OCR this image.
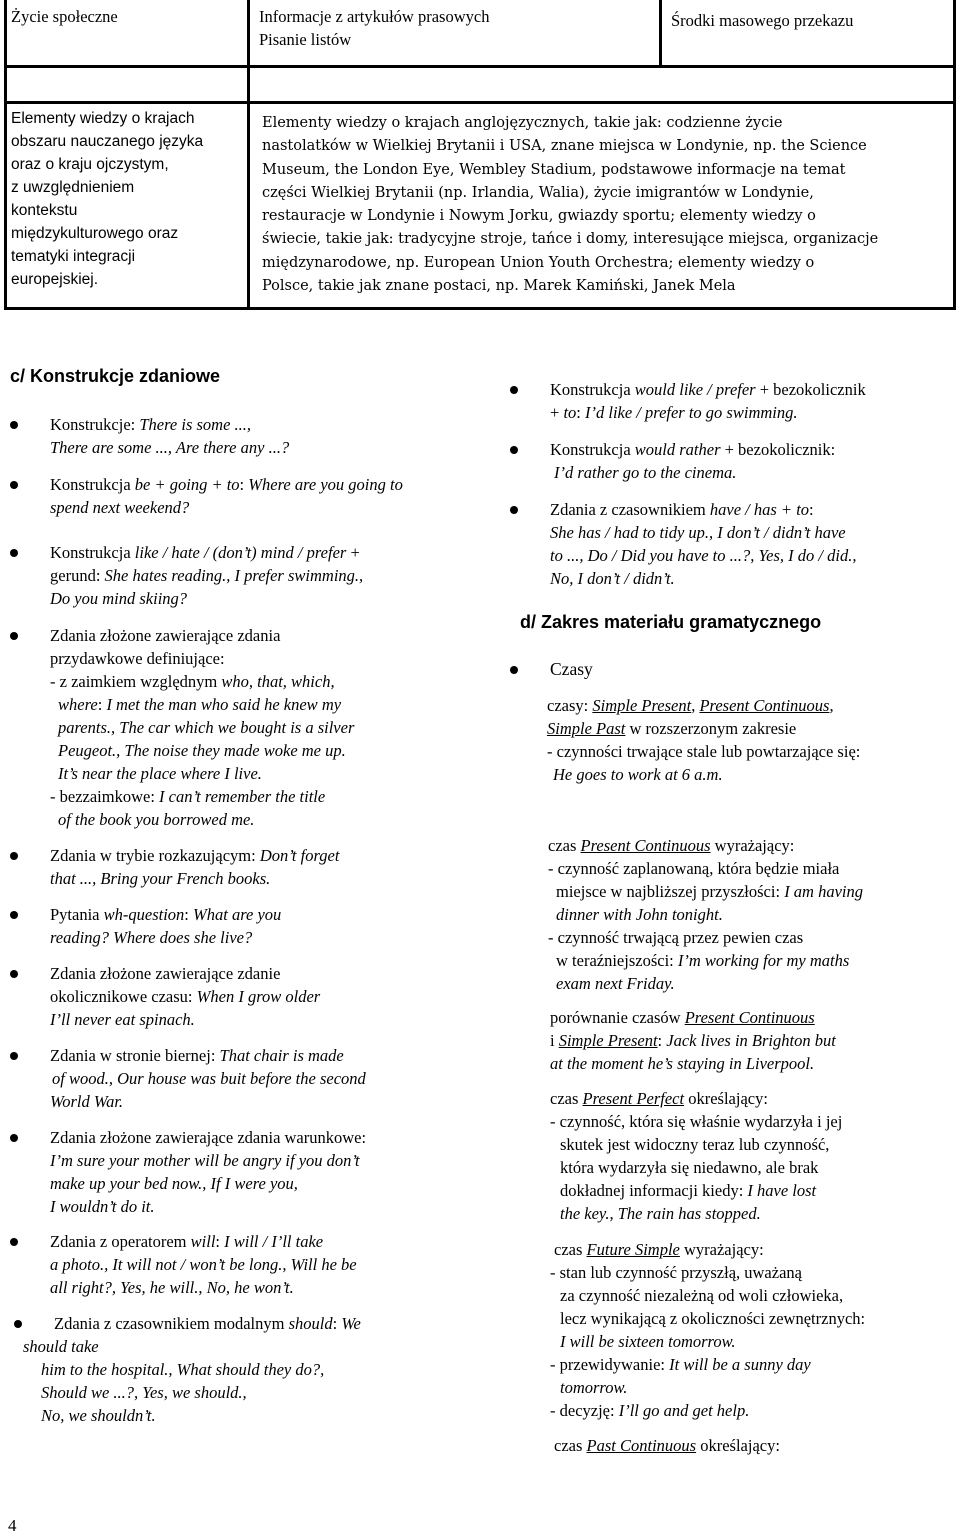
Życie społeczne	Informacje z artykułów prasowych
Pisanie listów
Środki masowego przekazu
Elementy wiedzy o krajach
obszaru nauczanego języka
oraz o kraju ojczystym,
z uwzględnieniem
kontekstu
międzykulturowego oraz
tematyki integracji
europejskiej.
Elementy wiedzy o krajach anglojęzycznych, takie jak: codzienne życie
nastolatków w Wielkiej Brytanii i USA, znane miejsca w Londynie, np. the Science
Museum, the London Eye, Wembley Stadium, podstawowe informacje na temat
części Wielkiej Brytanii (np. Irlandia, Walia), życie imigrantów w Londynie,
restauracje w Londynie i Nowym Jorku, gwiazdy sportu; elementy wiedzy o
świecie, takie jak: tradycyjne stroje, tańce i domy, interesujące miejsca, organizacje
międzynarodowe, np. European Union Youth Orchestra; elementy wiedzy o
Polsce, takie jak znane postaci, np. Marek Kamiński, Janek Mela
c/ Konstrukcje zdaniowe
Konstrukcje: There is some ...,
There are some ..., Are there any ...?
Konstrukcja be + going + to: Where are you going to
spend next weekend?
Konstrukcja like / hate / (don’t) mind / prefer +
gerund: She hates reading., I prefer swimming.,
Do you mind skiing?
Zdania złożone zawierające zdania
przydawkowe definiujące:
- z zaimkiem względnym who, that, which,
where: I met the man who said he knew my
parents., The car which we bought is a silver
Peugeot., The noise they made woke me up.
It’s near the place where I live.
- bezzaimkowe: I can’t remember the title
of the book you borrowed me.
Zdania w trybie rozkazującym: Don’t forget
that ..., Bring your French books.
Pytania wh-question: What are you
reading? Where does she live?
Zdania złożone zawierające zdanie
okolicznikowe czasu: When I grow older
I’ll never eat spinach.
Zdania w stronie biernej: That chair is made
of wood., Our house was buit before the second
World War.
Zdania złożone zawierające zdania warunkowe:
I’m sure your mother will be angry if you don’t
make up your bed now., If I were you,
I wouldn’t do it.
Zdania z operatorem will: I will / I’ll take
a photo., It will not / won’t be long., Will he be
all right?, Yes, he will., No, he won’t.
Zdania z czasownikiem modalnym should: We
should take
him to the hospital., What should they do?,
Should we ...?, Yes, we should.,
No, we shouldn’t.
Konstrukcja would like / prefer + bezokolicznik
+ to: I’d like / prefer to go swimming.
Konstrukcja would rather + bezokolicznik:
I’d rather go to the cinema.
Zdania z czasownikiem have / has + to:
She has / had to tidy up., I don’t / didn’t have
to ..., Do / Did you have to ...?, Yes, I do / did.,
No, I don’t / didn’t.
d/ Zakres materiału gramatycznego
Czasy
czasy: Simple Present, Present Continuous,
Simple Past w rozszerzonym zakresie
- czynności trwające stale lub powtarzające się:
He goes to work at 6 a.m.
czas Present Continuous wyrażający:
- czynność zaplanowaną, która będzie miała
miejsce w najbliższej przyszłości: I am having
dinner with John tonight.
- czynność trwającą przez pewien czas
w teraźniejszości: I’m working for my maths
exam next Friday.
porównanie czasów Present Continuous
i Simple Present: Jack lives in Brighton but
at the moment he’s staying in Liverpool.
czas Present Perfect określający:
- czynność, która się właśnie wydarzyła i jej
skutek jest widoczny teraz lub czynność,
która wydarzyła się niedawno, ale brak
dokładnej informacji kiedy: I have lost
the key., The rain has stopped.
czas Future Simple wyrażający:
- stan lub czynność przyszłą, uważaną
za czynność niezależną od woli człowieka,
lecz wynikającą z okoliczności zewnętrznych:
I will be sixteen tomorrow.
- przewidywanie: It will be a sunny day
tomorrow.
- decyzję: I’ll go and get help.
czas Past Continuous określający:
4
